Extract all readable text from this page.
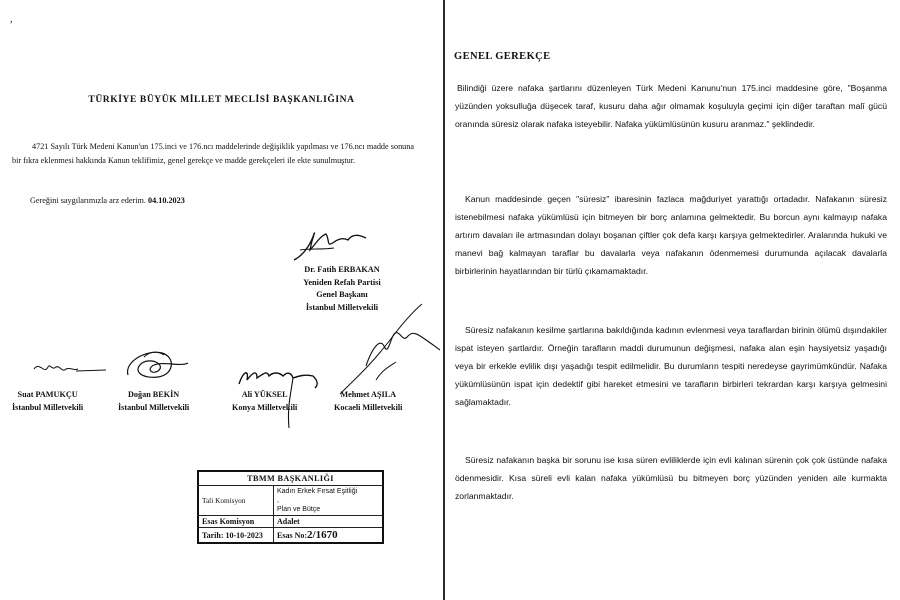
,
TÜRKİYE BÜYÜK MİLLET MECLİSİ BAŞKANLIĞINA

4721 Sayılı Türk Medeni Kanun'un 175.inci ve 176.ncı maddelerinde değişiklik yapılması ve 176.ncı madde sonuna bir fıkra eklenmesi hakkında Kanun teklifimiz, genel gerekçe ve madde gerekçeleri ile ekte sunulmuştur.

Gereğini saygılarımızla arz ederim. 04.10.2023

Dr. Fatih ERBAKAN
Yeniden Refah Partisi
Genel Başkanı
İstanbul Milletvekili
Suat PAMUKÇU
İstanbul Milletvekili
Doğan BEKİN
İstanbul Milletvekili
Ali YÜKSEL
Konya Milletvekili
Mehmet AŞILA
Kocaeli Milletvekili
TBMM BAŞKANLIĞI	
Tali Komisyon	Kadın Erkek Fırsat Eşitliği
,
Plan ve Bütçe

Esas Komisyon	Adalet
Tarih: 10-10-2023	Esas No:2/1670
GENEL GEREKÇE

Bilindiği üzere nafaka şartlarını düzenleyen Türk Medeni Kanunu'nun 175.inci maddesine göre, "Boşanma yüzünden yoksulluğa düşecek taraf, kusuru daha ağır olmamak koşuluyla geçimi için diğer taraftan malî gücü oranında süresiz olarak nafaka isteyebilir. Nafaka yükümlüsünün kusuru aranmaz." şeklindedir.

Kanun maddesinde geçen "süresiz" ibaresinin fazlaca mağduriyet yarattığı ortadadır. Nafakanın süresiz istenebilmesi nafaka yükümlüsü için bitmeyen bir borç anlamına gelmektedir. Bu borcun aynı kalmayıp nafaka artırım davaları ile artmasından dolayı boşanan çiftler çok defa karşı karşıya gelmektedirler. Aralarında hukuki ve manevi bağ kalmayan taraflar bu davalarla veya nafakanın ödenmemesi durumunda açılacak davalarla birbirlerinin hayatlarından bir türlü çıkamamaktadır.

Süresiz nafakanın kesilme şartlarına bakıldığında kadının evlenmesi veya taraflardan birinin ölümü dışındakiler ispat isteyen şartlardır. Örneğin tarafların maddi durumunun değişmesi, nafaka alan eşin haysiyetsiz yaşadığı veya bir erkekle evlilik dışı yaşadığı tespit edilmelidir. Bu durumların tespiti neredeyse gayrimümkündür. Nafaka yükümlüsünün ispat için dedektif gibi hareket etmesini ve tarafların birbirleri tekrardan karşı karşıya gelmesini sağlamaktadır.

Süresiz nafakanın başka bir sorunu ise kısa süren evliliklerde için evli kalınan sürenin çok çok üstünde nafaka ödenmesidir. Kısa süreli evli kalan nafaka yükümlüsü bu bitmeyen borç yüzünden yeniden aile kurmakta zorlanmaktadır.
